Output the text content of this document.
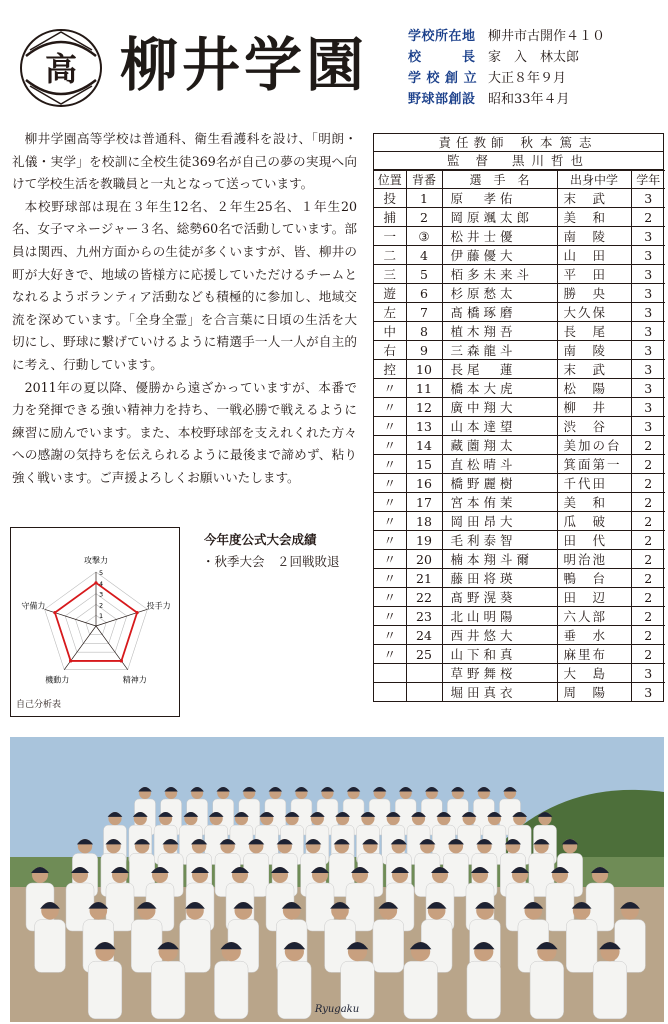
高 柳井学園	学校所在地 柳井市古開作４１０
校　　　長 家　入　林太郎
学 校 創 立 大正８年９月
野球部創設 昭和33年４月

柳井学園高等学校は普通科、衛生看護科を設け、「明朗・礼儀・実学」を校訓に全校生徒369名が自己の夢の実現へ向けて学校生活を教職員と一丸となって送っています。

本校野球部は現在３年生12名、２年生25名、１年生20名、女子マネージャー３名、総勢60名で活動しています。部員は関西、九州方面からの生徒が多くいますが、皆、柳井の町が大好きで、地域の皆様方に応援していただけるチームとなれるようボランティア活動なども積極的に参加し、地域交流を深めています。「全身全霊」を合言葉に日頃の生活を大切にし、野球に繋げていけるように精選手一人一人が自主的に考え、行動しています。

2011年の夏以降、優勝から遠ざかっていますが、本番で力を発揮できる強い精神力を持ち、一戦必勝で戦えるように練習に励んでいます。また、本校野球部を支えれくれた方々への感謝の気持ちを伝えられるように最後まで諦めず、粘り強く戦います。ご声援よろしくお願いいたします。

攻撃力
投手力
精神力
機動力
守備力
1
2
3
4
5
自己分析表
今年度公式大会成績
・秋季大会　２回戦敗退
責任教師 秋本篤志
監督 黒川哲也
位置	背番	選　手　名	出身中学	学年
投	1	原　孝佑	末　武	3
捕	2	岡原颯太郎	美　和	2
一	③	松井士優	南　陵	3
二	4	伊藤優大	山　田	3
三	5	栢多未来斗	平　田	3
遊	6	杉原愁太	勝　央	3
左	7	髙橋琢磨	大久保	3
中	8	植木翔吾	長　尾	3
右	9	三森龍斗	南　陵	3
控	10	長尾　蓮	末　武	3
〃	11	橋本大虎	松　陽	3
〃	12	廣中翔大	柳　井	3
〃	13	山本達望	渋　谷	3
〃	14	藏薗翔太	美加の台	2
〃	15	直松晴斗	箕面第一	2
〃	16	橋野麗樹	千代田	2
〃	17	宮本侑茉	美　和	2
〃	18	岡田昂大	瓜　破	2
〃	19	毛利泰智	田　代	2
〃	20	楠本翔斗爾	明治池	2
〃	21	藤田将瑛	鴨　台	2
〃	22	髙野滉葵	田　辺	2
〃	23	北山明陽	六人部	2
〃	24	西井悠大	垂　水	2
〃	25	山下和真	麻里布	2
		草野舞桜	大　島	3
		堀田真衣	周　陽	3
Ryugaku
